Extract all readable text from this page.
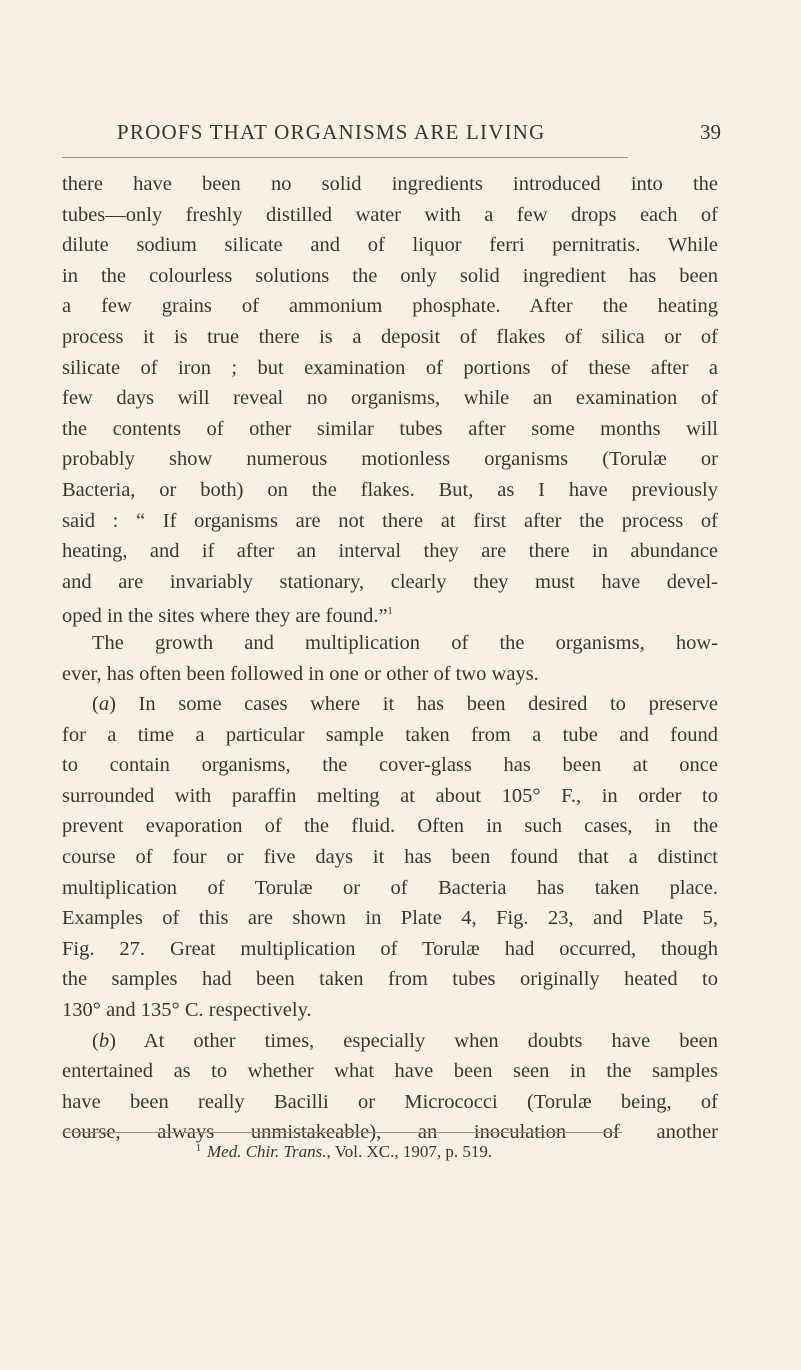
PROOFS THAT ORGANISMS ARE LIVING	39
there have been no solid ingredients introduced into the
tubes—only freshly distilled water with a few drops each of
dilute sodium silicate and of liquor ferri pernitratis. While
in the colourless solutions the only solid ingredient has been
a few grains of ammonium phosphate. After the heating
process it is true there is a deposit of flakes of silica or of
silicate of iron ; but examination of portions of these after a
few days will reveal no organisms, while an examination of
the contents of other similar tubes after some months will
probably show numerous motionless organisms (Torulæ or
Bacteria, or both) on the flakes. But, as I have previously
said : “ If organisms are not there at first after the process of
heating, and if after an interval they are there in abundance
and are invariably stationary, clearly they must have devel-
oped in the sites where they are found.”$^1$
The growth and multiplication of the organisms, how-
ever, has often been followed in one or other of two ways.
(a) In some cases where it has been desired to preserve
for a time a particular sample taken from a tube and found
to contain organisms, the cover-glass has been at once
surrounded with paraffin melting at about 105° F., in order to
prevent evaporation of the fluid. Often in such cases, in the
course of four or five days it has been found that a distinct
multiplication of Torulæ or of Bacteria has taken place.
Examples of this are shown in Plate 4, Fig. 23, and Plate 5,
Fig. 27. Great multiplication of Torulæ had occurred, though
the samples had been taken from tubes originally heated to
130° and 135° C. respectively.
(b) At other times, especially when doubts have been
entertained as to whether what have been seen in the samples
have been really Bacilli or Micrococci (Torulæ being, of
course, always unmistakeable), an inoculation of another
$^1$ Med. Chir. Trans., Vol. XC., 1907, p. 519.
